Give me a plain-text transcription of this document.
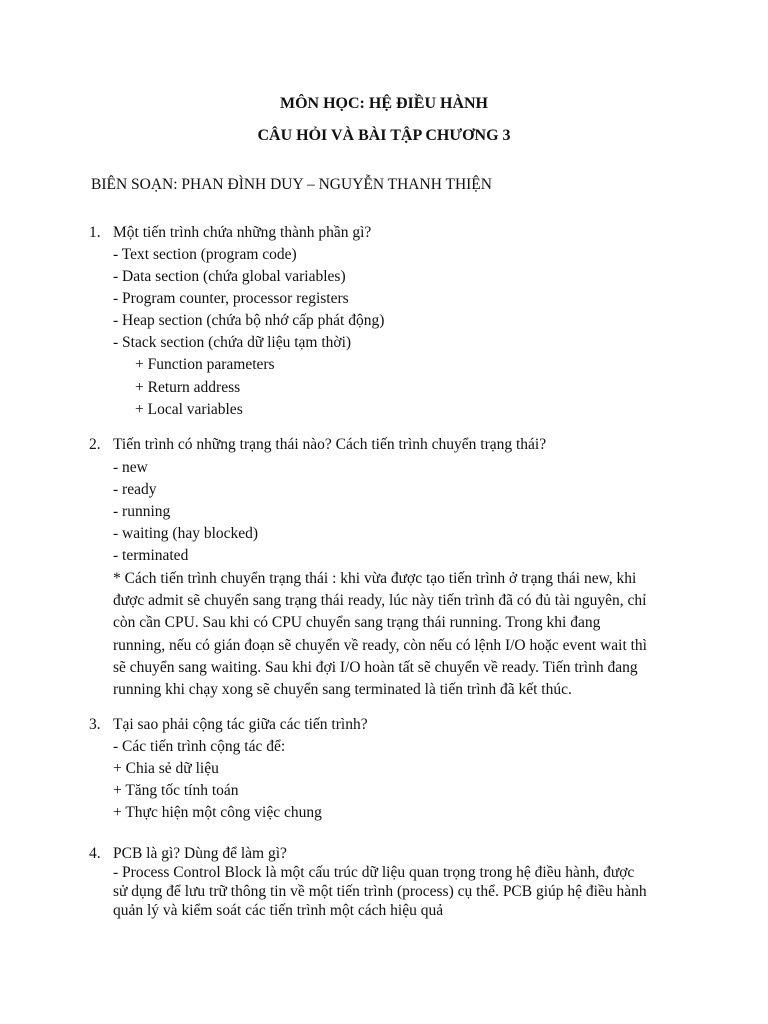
MÔN HỌC: HỆ ĐIỀU HÀNH
CÂU HỎI VÀ BÀI TẬP CHƯƠNG 3
BIÊN SOẠN: PHAN ĐÌNH DUY – NGUYỄN THANH THIỆN
1. Một tiến trình chứa những thành phần gì?
- Text section (program code)
- Data section (chứa global variables)
- Program counter, processor registers
- Heap section (chứa bộ nhớ cấp phát động)
- Stack section (chứa dữ liệu tạm thời)
+ Function parameters
+ Return address
+ Local variables
2. Tiến trình có những trạng thái nào? Cách tiến trình chuyển trạng thái?
- new
- ready
- running
- waiting (hay blocked)
- terminated
* Cách tiến trình chuyển trạng thái : khi vừa được tạo tiến trình ở trạng thái new, khi
được admit sẽ chuyển sang trạng thái ready, lúc này tiến trình đã có đủ tài nguyên, chỉ
còn cần CPU. Sau khi có CPU chuyển sang trạng thái running. Trong khi đang
running, nếu có gián đoạn sẽ chuyển về ready, còn nếu có lệnh I/O hoặc event wait thì
sẽ chuyển sang waiting. Sau khi đợi I/O hoàn tất sẽ chuyển về ready. Tiến trình đang
running khi chạy xong sẽ chuyển sang terminated là tiến trình đã kết thúc.
3. Tại sao phải cộng tác giữa các tiến trình?
- Các tiến trình cộng tác để:
+ Chia sẻ dữ liệu
+ Tăng tốc tính toán
+ Thực hiện một công việc chung
4. PCB là gì? Dùng để làm gì?
- Process Control Block là một cấu trúc dữ liệu quan trọng trong hệ điều hành, được
sử dụng để lưu trữ thông tin về một tiến trình (process) cụ thể. PCB giúp hệ điều hành
quản lý và kiểm soát các tiến trình một cách hiệu quả
